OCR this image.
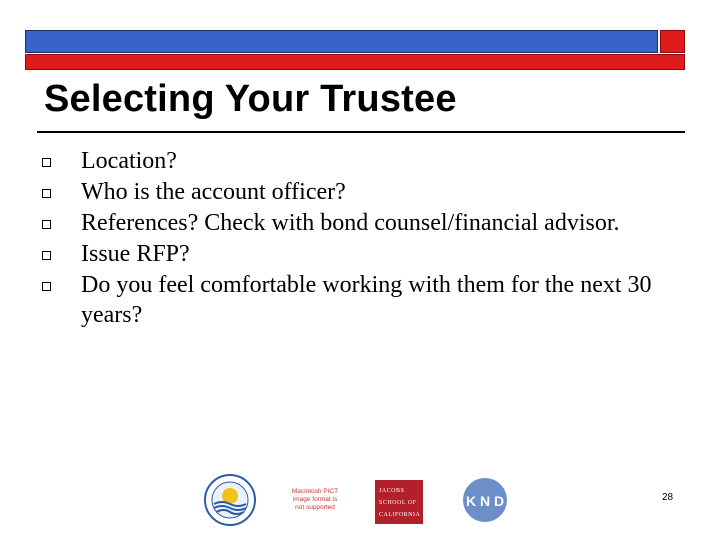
Selecting Your Trustee
Location?
Who is the account officer?
References? Check with bond counsel/financial advisor.
Issue RFP?
Do you feel comfortable working with them for the next 30 years?
Macintosh PICT image format is not supported
JACOBS
SCHOOL OF
CALIFORNIA
K N D	28
